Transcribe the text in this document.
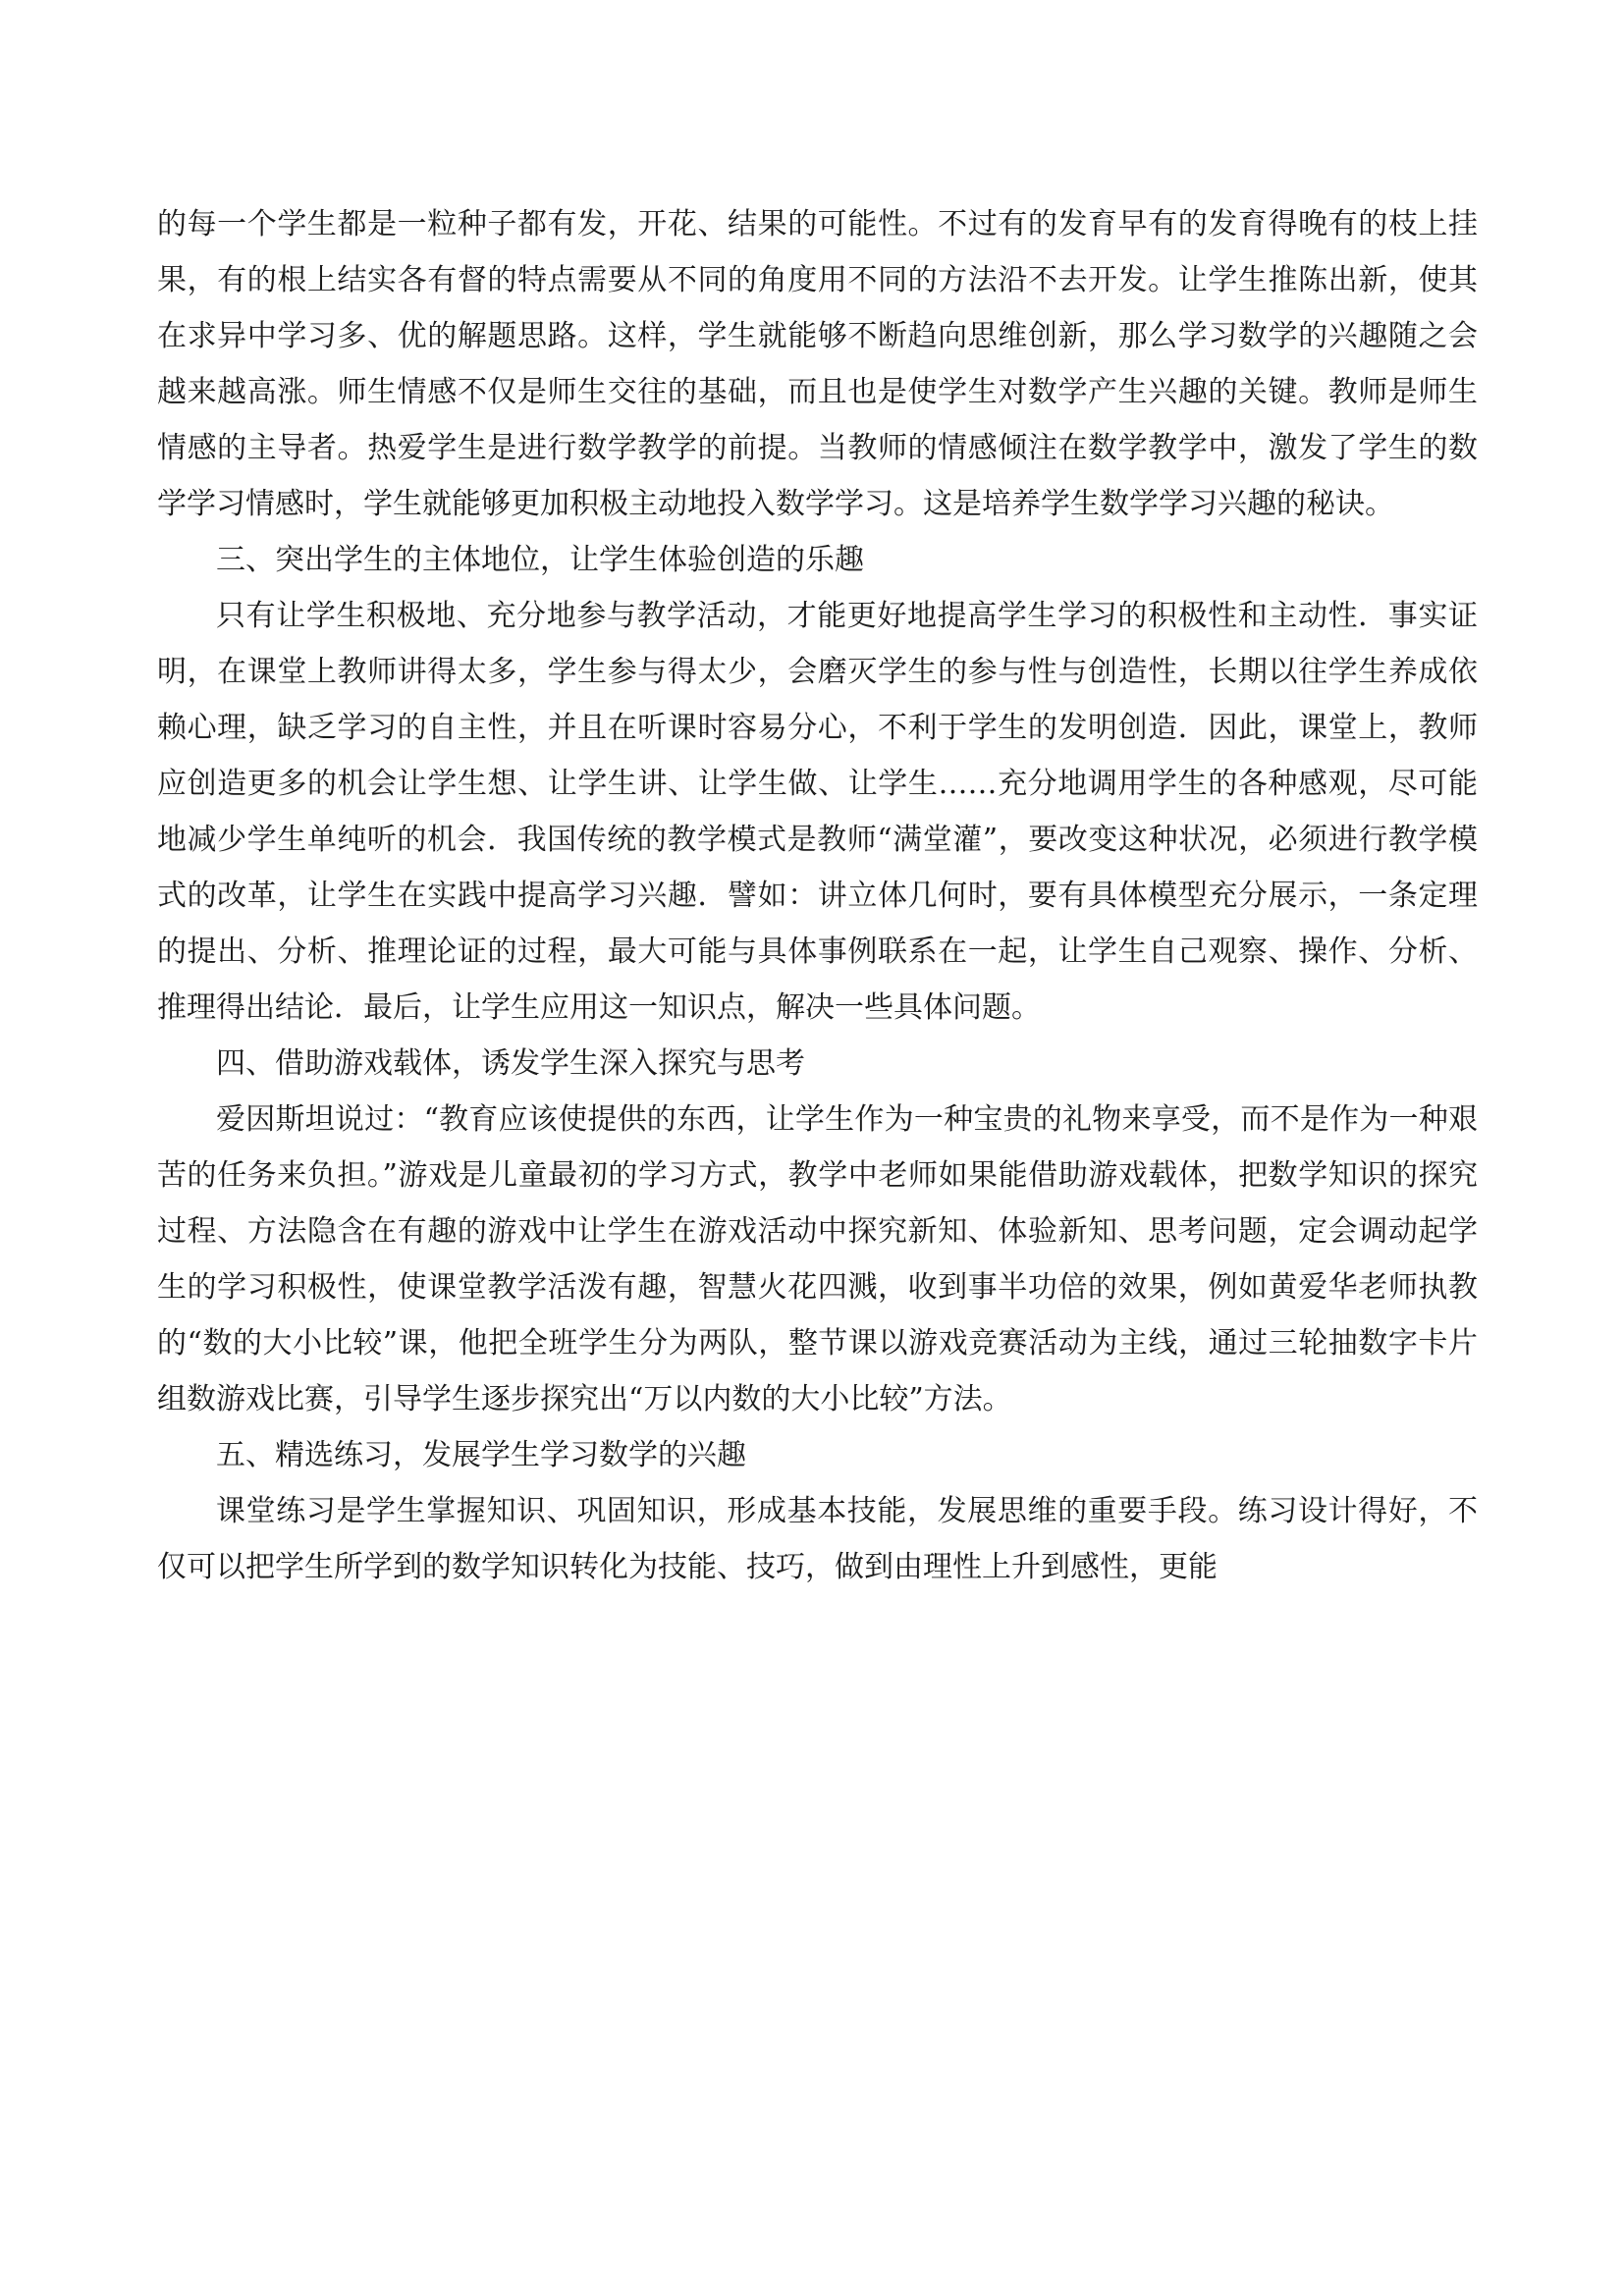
的每一个学生都是一粒种子都有发，开花、结果的可能性。不过有的发育早有的发育得晚有的枝上挂果，有的根上结实各有督的特点需要从不同的角度用不同的方法沿不去开发。让学生推陈出新，使其在求异中学习多、优的解题思路。这样，学生就能够不断趋向思维创新，那么学习数学的兴趣随之会越来越高涨。师生情感不仅是师生交往的基础，而且也是使学生对数学产生兴趣的关键。教师是师生情感的主导者。热爱学生是进行数学教学的前提。当教师的情感倾注在数学教学中，激发了学生的数学学习情感时，学生就能够更加积极主动地投入数学学习。这是培养学生数学学习兴趣的秘诀。

三、突出学生的主体地位，让学生体验创造的乐趣

只有让学生积极地、充分地参与教学活动，才能更好地提高学生学习的积极性和主动性．事实证明，在课堂上教师讲得太多，学生参与得太少，会磨灭学生的参与性与创造性，长期以往学生养成依赖心理，缺乏学习的自主性，并且在听课时容易分心，不利于学生的发明创造．因此，课堂上，教师应创造更多的机会让学生想、让学生讲、让学生做、让学生……充分地调用学生的各种感观，尽可能地减少学生单纯听的机会．我国传统的教学模式是教师“满堂灌”，要改变这种状况，必须进行教学模式的改革，让学生在实践中提高学习兴趣．譬如：讲立体几何时，要有具体模型充分展示，一条定理的提出、分析、推理论证的过程，最大可能与具体事例联系在一起，让学生自己观察、操作、分析、推理得出结论．最后，让学生应用这一知识点，解决一些具体问题。

四、借助游戏载体，诱发学生深入探究与思考

爱因斯坦说过：“教育应该使提供的东西，让学生作为一种宝贵的礼物来享受，而不是作为一种艰苦的任务来负担。”游戏是儿童最初的学习方式，教学中老师如果能借助游戏载体，把数学知识的探究过程、方法隐含在有趣的游戏中让学生在游戏活动中探究新知、体验新知、思考问题，定会调动起学生的学习积极性，使课堂教学活泼有趣，智慧火花四溅，收到事半功倍的效果，例如黄爱华老师执教的“数的大小比较”课，他把全班学生分为两队，整节课以游戏竞赛活动为主线，通过三轮抽数字卡片组数游戏比赛，引导学生逐步探究出“万以内数的大小比较”方法。

五、精选练习，发展学生学习数学的兴趣

课堂练习是学生掌握知识、巩固知识，形成基本技能，发展思维的重要手段。练习设计得好，不仅可以把学生所学到的数学知识转化为技能、技巧，做到由理性上升到感性，更能
